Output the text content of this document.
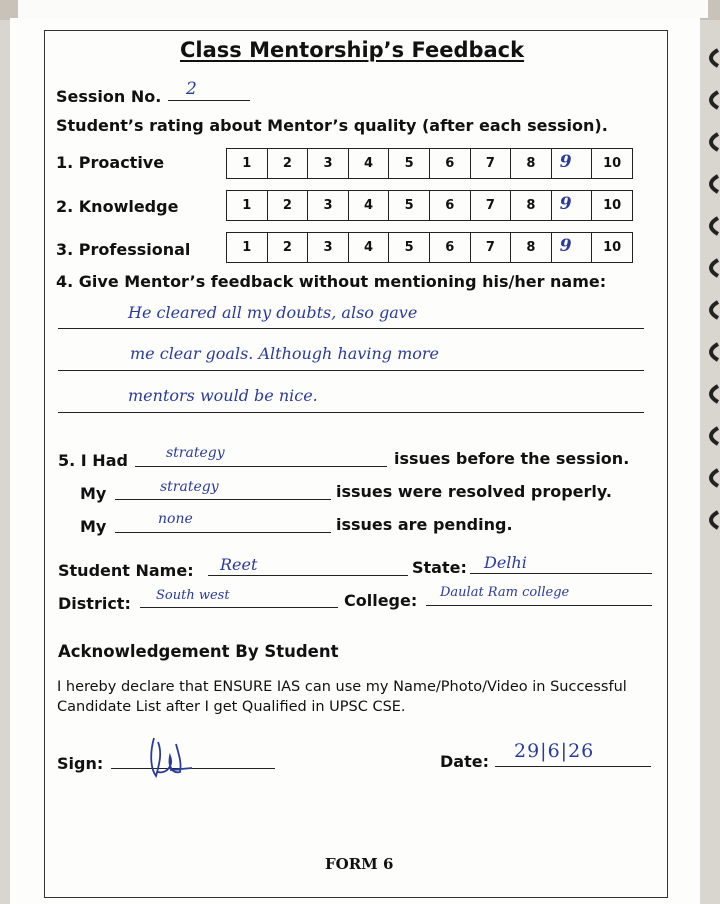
Class Mentorship’s Feedback
Session No. 2
Student’s rating about Mentor’s quality (after each session).
1. Proactive	1	2	3	4	5	6	7	8	9	10
2. Knowledge	1	2	3	4	5	6	7	8	9	10
3. Professional	1	2	3	4	5	6	7	8	9	10
4. Give Mentor’s feedback without mentioning his/her name:
He cleared all my doubts, also gave
me clear goals. Although having more
mentors would be nice.
5. I Had	strategy	issues before the session.
My	strategy	issues were resolved properly.
My	none	issues are pending.
Student Name: Reet	State: Delhi
District: South west	College: Daulat Ram college
Acknowledgement By Student
I hereby declare that ENSURE IAS can use my Name/Photo/Video in Successful
Candidate List after I get Qualified in UPSC CSE.
Sign:	Date: 29|6|26
FORM 6
